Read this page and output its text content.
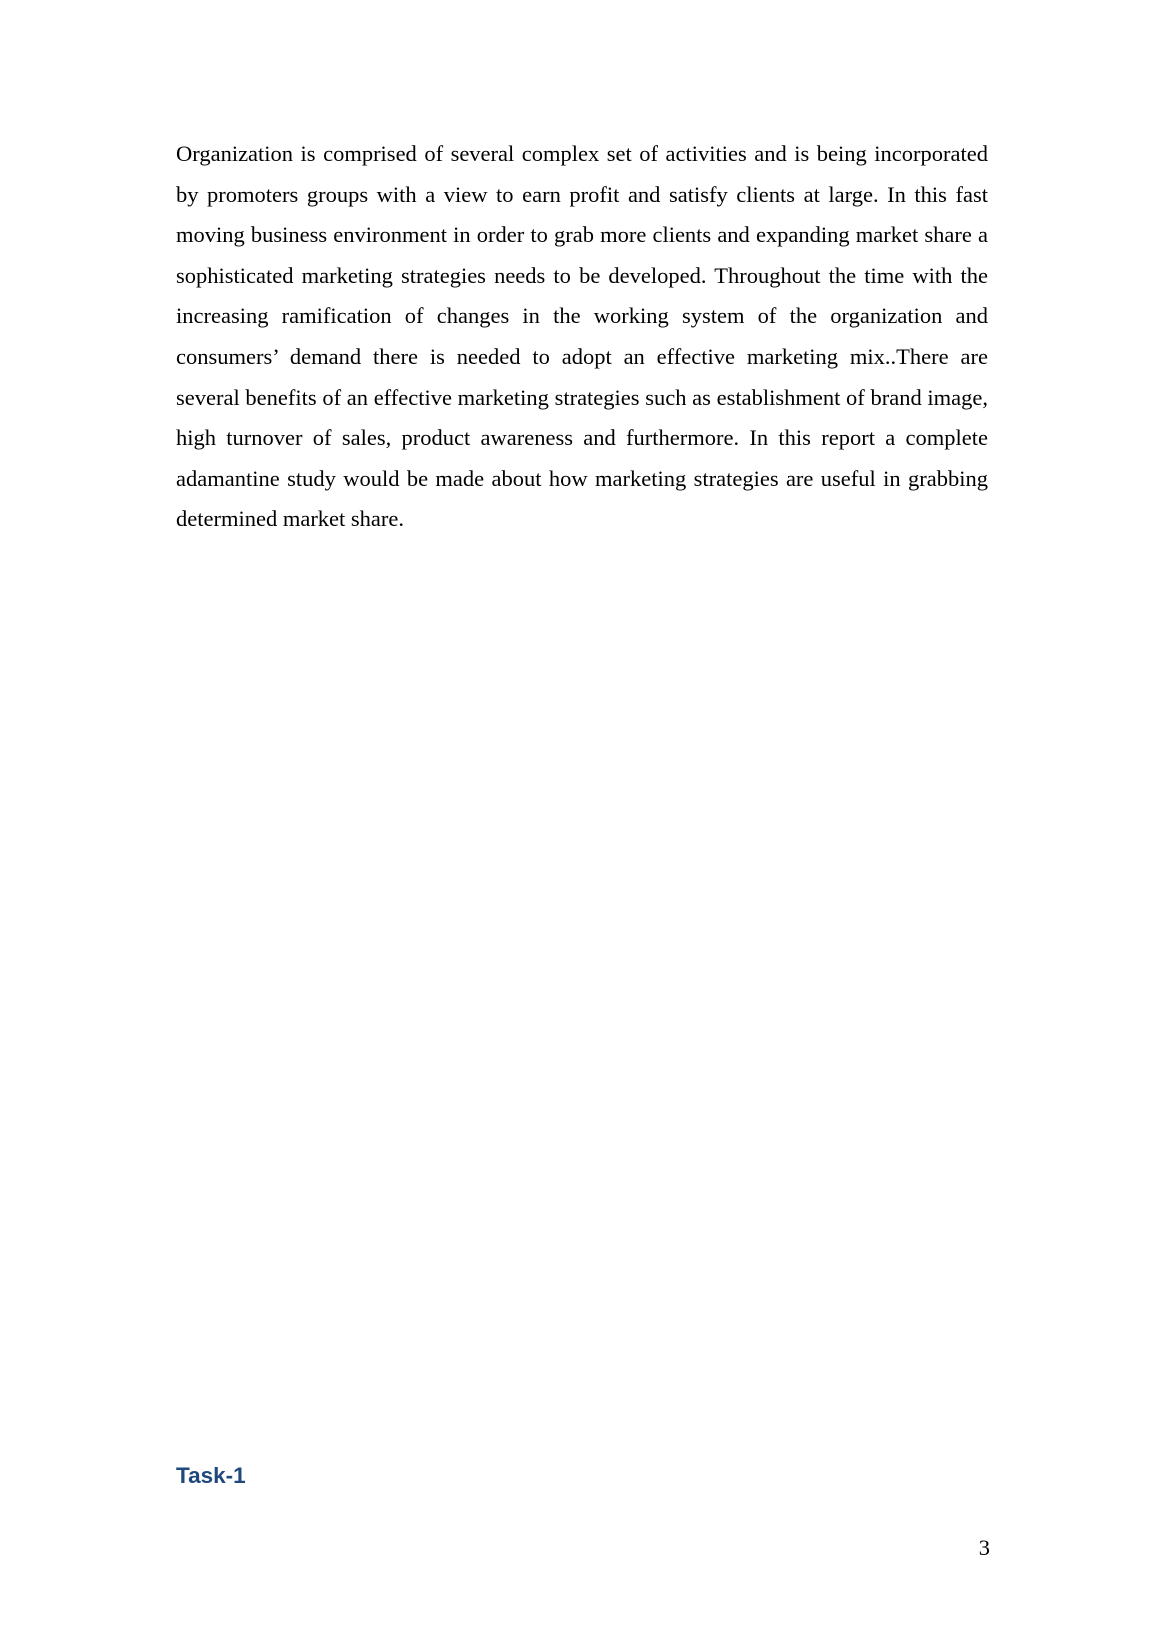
Organization is comprised of several complex set of activities and is being incorporated by promoters groups with a view to earn profit and satisfy clients at large. In this fast moving business environment in order to grab more clients and expanding market share a sophisticated marketing strategies needs to be developed. Throughout the time with the increasing ramification of changes in the working system of the organization and consumers’ demand there is needed to adopt an effective marketing mix..There are several benefits of an effective marketing strategies such as establishment of brand image, high turnover of sales, product awareness and furthermore. In this report a complete adamantine study would be made about how marketing strategies are useful in grabbing determined market share.

Task-1
3
